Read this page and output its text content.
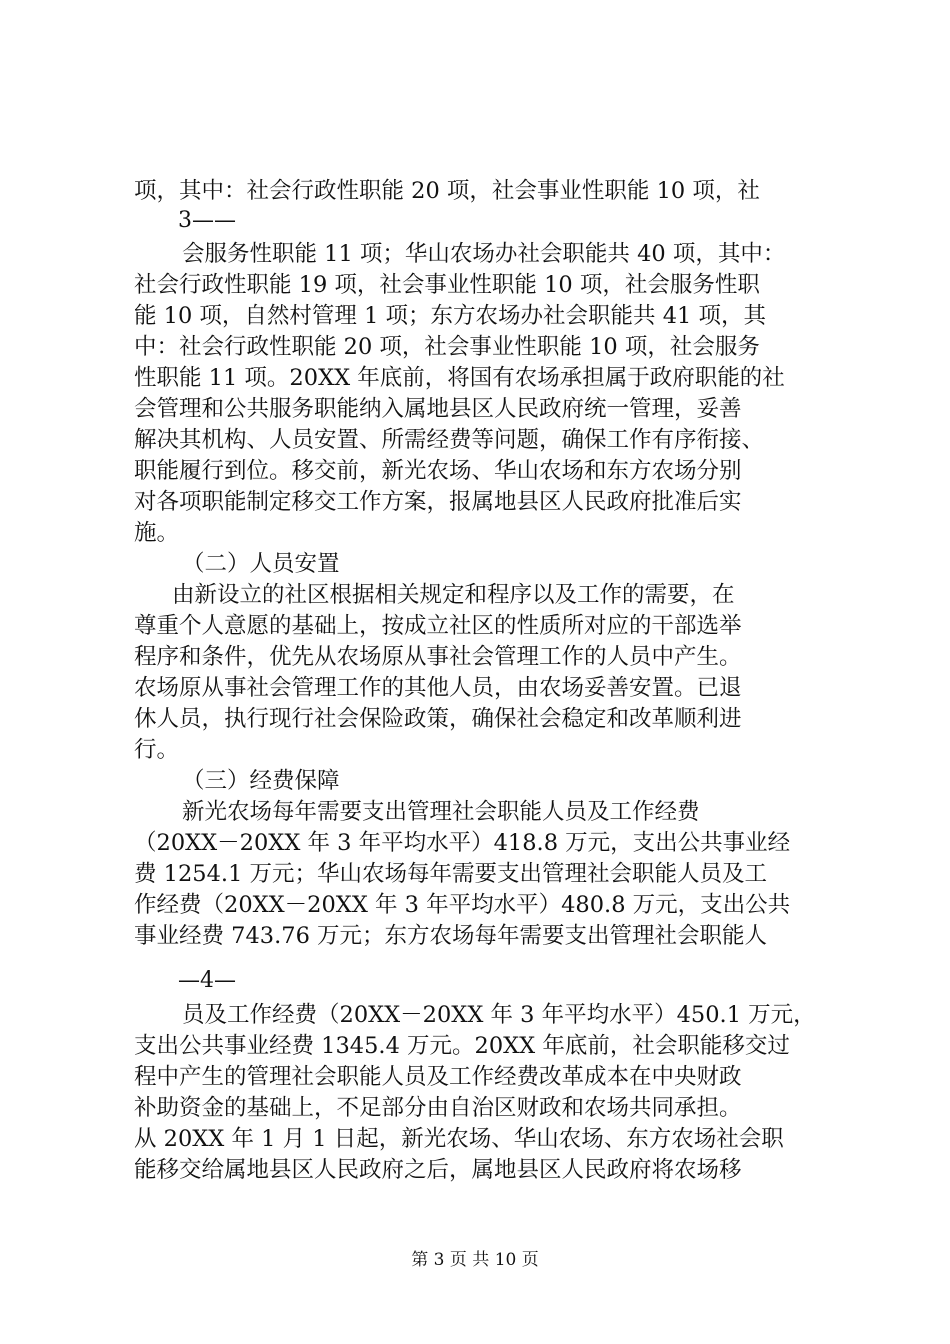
项，其中：社会行政性职能 20 项，社会事业性职能 10 项，社
3——
会服务性职能 11 项；华山农场办社会职能共 40 项，其中：
社会行政性职能 19 项，社会事业性职能 10 项，社会服务性职
能 10 项，自然村管理 1 项；东方农场办社会职能共 41 项，其
中：社会行政性职能 20 项，社会事业性职能 10 项，社会服务
性职能 11 项。20XX 年底前，将国有农场承担属于政府职能的社
会管理和公共服务职能纳入属地县区人民政府统一管理，妥善
解决其机构、人员安置、所需经费等问题，确保工作有序衔接、
职能履行到位。移交前，新光农场、华山农场和东方农场分别
对各项职能制定移交工作方案，报属地县区人民政府批准后实
施。
（二）人员安置
由新设立的社区根据相关规定和程序以及工作的需要，在
尊重个人意愿的基础上，按成立社区的性质所对应的干部选举
程序和条件，优先从农场原从事社会管理工作的人员中产生。
农场原从事社会管理工作的其他人员，由农场妥善安置。已退
休人员，执行现行社会保险政策，确保社会稳定和改革顺利进
行。
（三）经费保障
新光农场每年需要支出管理社会职能人员及工作经费
（20XX－20XX 年 3 年平均水平）418.8 万元，支出公共事业经
费 1254.1 万元；华山农场每年需要支出管理社会职能人员及工
作经费（20XX－20XX 年 3 年平均水平）480.8 万元，支出公共
事业经费 743.76 万元；东方农场每年需要支出管理社会职能人
—4—
员及工作经费（20XX－20XX 年 3 年平均水平）450.1 万元，
支出公共事业经费 1345.4 万元。20XX 年底前，社会职能移交过
程中产生的管理社会职能人员及工作经费改革成本在中央财政
补助资金的基础上，不足部分由自治区财政和农场共同承担。
从 20XX 年 1 月 1 日起，新光农场、华山农场、东方农场社会职
能移交给属地县区人民政府之后，属地县区人民政府将农场移
第 3 页 共 10 页
